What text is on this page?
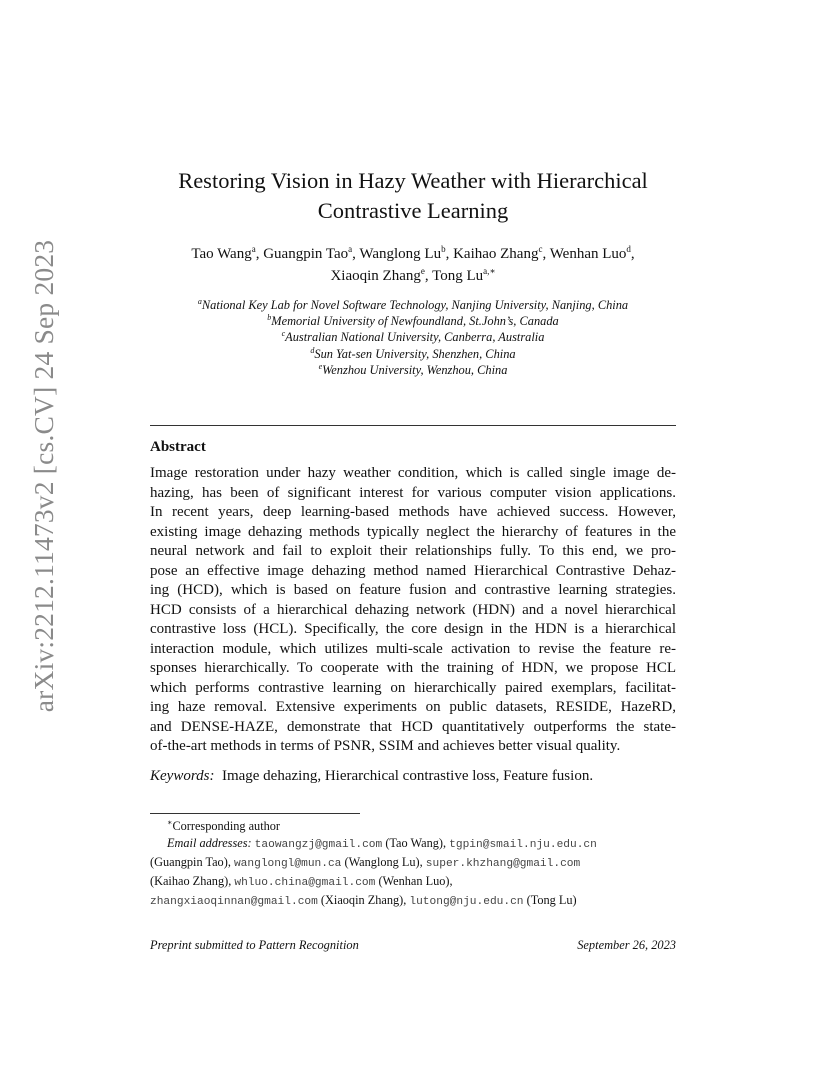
arXiv:2212.11473v2 [cs.CV] 24 Sep 2023
Restoring Vision in Hazy Weather with Hierarchical
Contrastive Learning
Tao Wang$^a$, Guangpin Tao$^a$, Wanglong Lu$^b$, Kaihao Zhang$^c$, Wenhan Luo$^d$,
Xiaoqin Zhang$^e$, Tong $Lu^{a,∗}$
$^a$National Key Lab for Novel Software Technology, Nanjing University, Nanjing, China
$^b$Memorial University of Newfoundland, St.John’s, Canada
$^c$Australian National University, Canberra, Australia
$^d$Sun Yat-sen University, Shenzhen, China
$^e$Wenzhou University, Wenzhou, China
Abstract
Image restoration under hazy weather condition, which is called single image de-
hazing, has been of significant interest for various computer vision applications.
In recent years, deep learning-based methods have achieved success. However,
existing image dehazing methods typically neglect the hierarchy of features in the
neural network and fail to exploit their relationships fully. To this end, we pro-
pose an effective image dehazing method named Hierarchical Contrastive Dehaz-
ing (HCD), which is based on feature fusion and contrastive learning strategies.
HCD consists of a hierarchical dehazing network (HDN) and a novel hierarchical
contrastive loss (HCL). Specifically, the core design in the HDN is a hierarchical
interaction module, which utilizes multi-scale activation to revise the feature re-
sponses hierarchically. To cooperate with the training of HDN, we propose HCL
which performs contrastive learning on hierarchically paired exemplars, facilitat-
ing haze removal. Extensive experiments on public datasets, RESIDE, HazeRD,
and DENSE-HAZE, demonstrate that HCD quantitatively outperforms the state-
of-the-art methods in terms of PSNR, SSIM and achieves better visual quality.
Keywords: Image dehazing, Hierarchical contrastive loss, Feature fusion.
∗Corresponding author
Email addresses: taowangzj@gmail.com (Tao Wang), tgpin@smail.nju.edu.cn
(Guangpin Tao), wanglongl@mun.ca (Wanglong Lu), super.khzhang@gmail.com
(Kaihao Zhang), whluo.china@gmail.com (Wenhan Luo),
zhangxiaoqinnan@gmail.com (Xiaoqin Zhang), lutong@nju.edu.cn (Tong Lu)
Preprint submitted to Pattern Recognition	September 26, 2023
